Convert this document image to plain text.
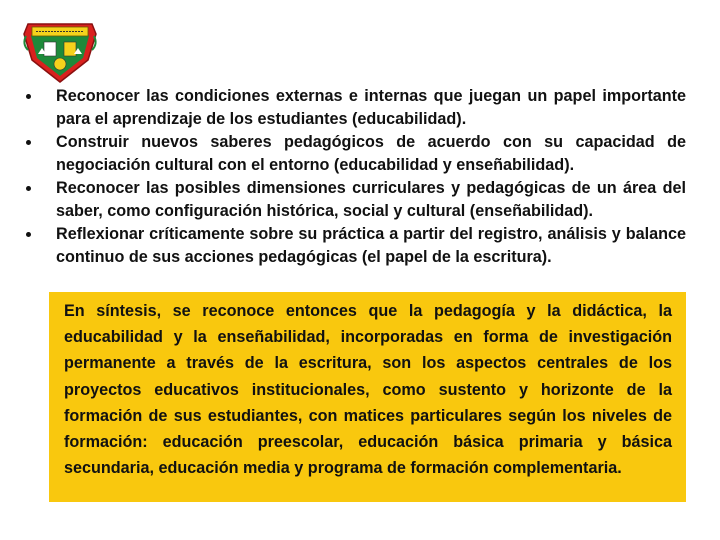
Reconocer las condiciones externas e internas que juegan un papel importante para el aprendizaje de los estudiantes (educabilidad).
Construir nuevos saberes pedagógicos de acuerdo con su capacidad de negociación cultural con el entorno (educabilidad y enseñabilidad).
Reconocer las posibles dimensiones curriculares y pedagógicas de un área del saber, como configuración histórica, social y cultural (enseñabilidad).
Reflexionar críticamente sobre su práctica a partir del registro, análisis y balance continuo de sus acciones pedagógicas (el papel de la escritura).

En síntesis, se reconoce entonces que la pedagogía y la didáctica, la educabilidad y la enseñabilidad, incorporadas en forma de investigación permanente a través de la escritura, son los aspectos centrales de los proyectos educativos institucionales, como sustento y horizonte de la formación de sus estudiantes, con matices particulares según los niveles de formación: educación preescolar, educación básica primaria y básica secundaria, educación media y programa de formación complementaria.
